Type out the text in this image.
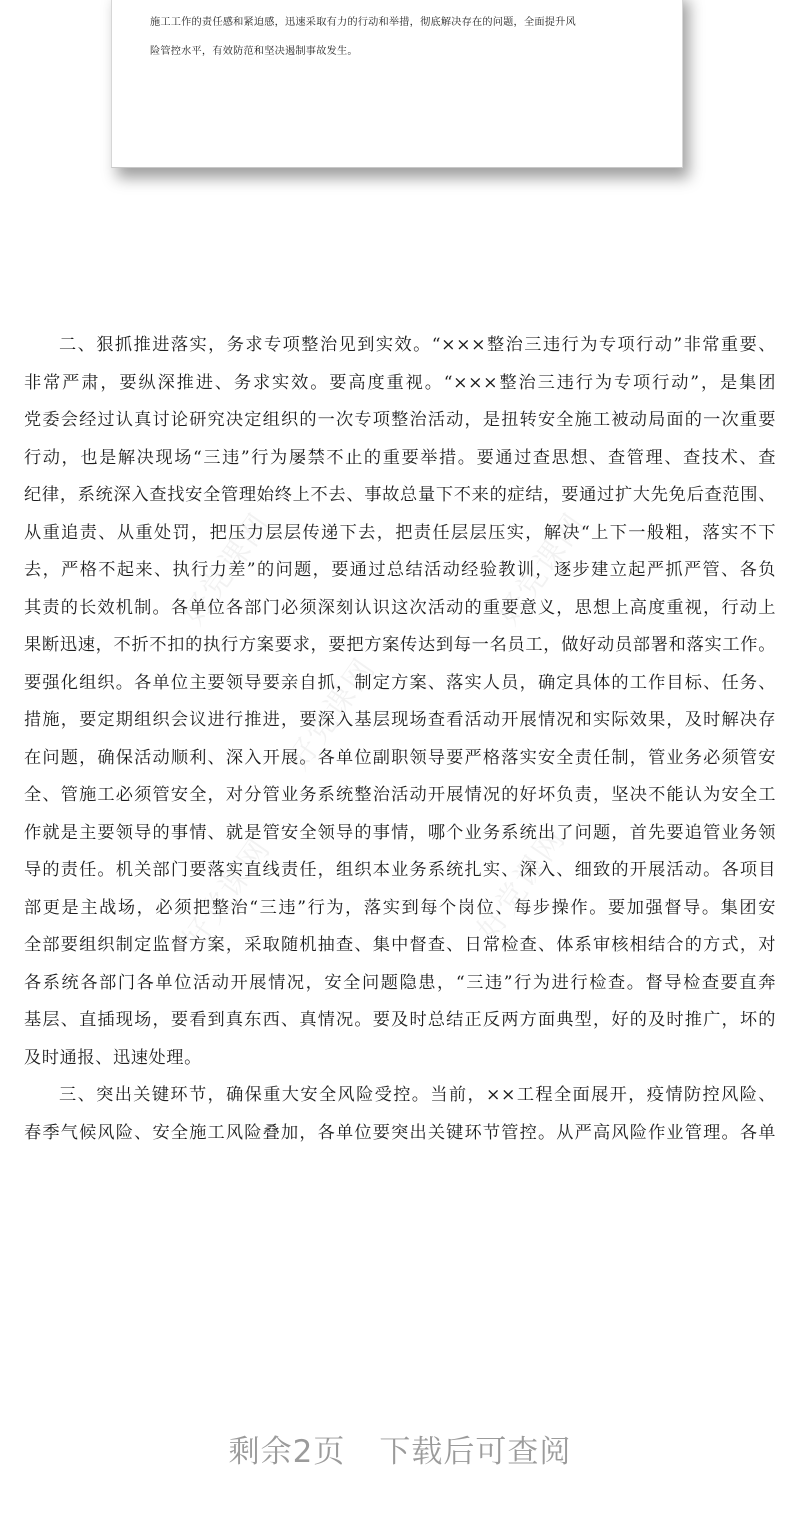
施工工作的责任感和紧迫感，迅速采取有力的行动和举措，彻底解决存在的问题，全面提升风
险管控水平，有效防范和坚决遏制事故发生。
好党课网	好党课网
好党课网
好党课网	好党课网
二、狠抓推进落实，务求专项整治见到实效。“×××整治三违行为专项行动”非常重要、
非常严肃，要纵深推进、务求实效。要高度重视。“×××整治三违行为专项行动”，是集团
党委会经过认真讨论研究决定组织的一次专项整治活动，是扭转安全施工被动局面的一次重要
行动，也是解决现场“三违”行为屡禁不止的重要举措。要通过查思想、查管理、查技术、查
纪律，系统深入查找安全管理始终上不去、事故总量下不来的症结，要通过扩大先免后查范围、
从重追责、从重处罚，把压力层层传递下去，把责任层层压实，解决“上下一般粗，落实不下
去，严格不起来、执行力差”的问题，要通过总结活动经验教训，逐步建立起严抓严管、各负
其责的长效机制。各单位各部门必须深刻认识这次活动的重要意义，思想上高度重视，行动上
果断迅速，不折不扣的执行方案要求，要把方案传达到每一名员工，做好动员部署和落实工作。
要强化组织。各单位主要领导要亲自抓，制定方案、落实人员，确定具体的工作目标、任务、
措施，要定期组织会议进行推进，要深入基层现场查看活动开展情况和实际效果，及时解决存
在问题，确保活动顺利、深入开展。各单位副职领导要严格落实安全责任制，管业务必须管安
全、管施工必须管安全，对分管业务系统整治活动开展情况的好坏负责，坚决不能认为安全工
作就是主要领导的事情、就是管安全领导的事情，哪个业务系统出了问题，首先要追管业务领
导的责任。机关部门要落实直线责任，组织本业务系统扎实、深入、细致的开展活动。各项目
部更是主战场，必须把整治“三违”行为，落实到每个岗位、每步操作。要加强督导。集团安
全部要组织制定监督方案，采取随机抽查、集中督查、日常检查、体系审核相结合的方式，对
各系统各部门各单位活动开展情况，安全问题隐患，“三违”行为进行检查。督导检查要直奔
基层、直插现场，要看到真东西、真情况。要及时总结正反两方面典型，好的及时推广，坏的
及时通报、迅速处理。
三、突出关键环节，确保重大安全风险受控。当前，××工程全面展开，疫情防控风险、
春季气候风险、安全施工风险叠加，各单位要突出关键环节管控。从严高风险作业管理。各单
剩余2页 下载后可查阅
